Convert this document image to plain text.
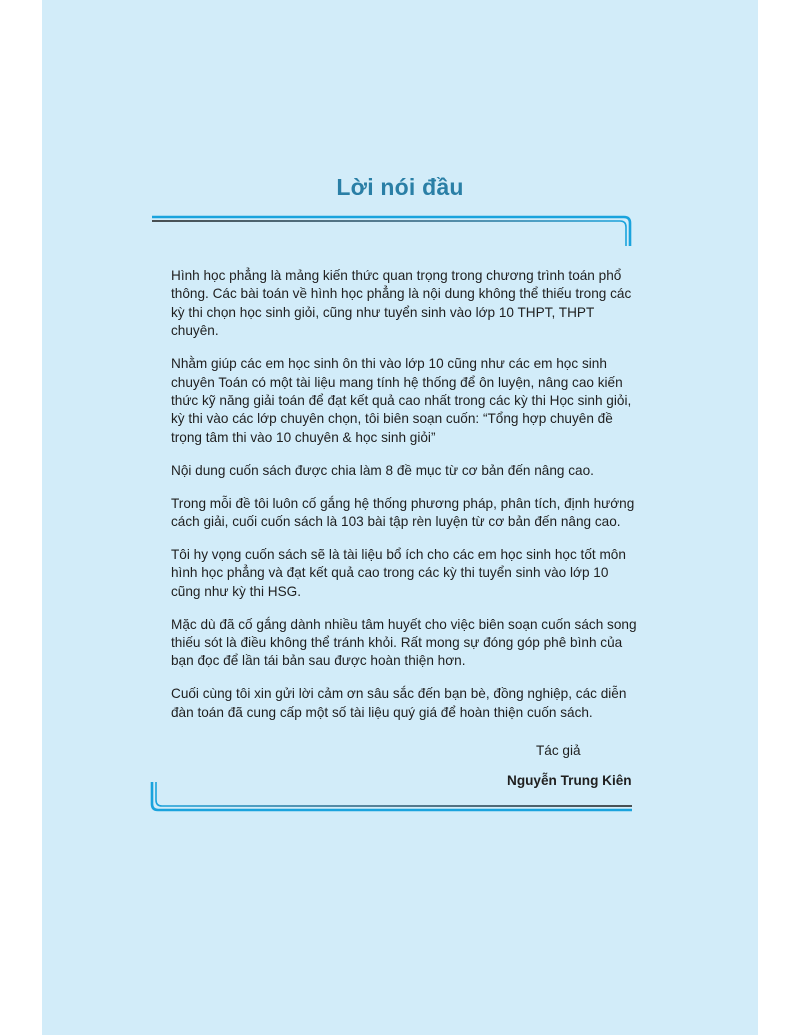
Lời nói đầu

Hình học phẳng là mảng kiến thức quan trọng trong chương trình toán phổ thông. Các bài toán về hình học phẳng là nội dung không thể thiếu trong các kỳ thi chọn học sinh giỏi, cũng như tuyển sinh vào lớp 10 THPT, THPT chuyên.

Nhằm giúp các em học sinh ôn thi vào lớp 10 cũng như các em học sinh chuyên Toán có một tài liệu mang tính hệ thống để ôn luyện, nâng cao kiến thức kỹ năng giải toán để đạt kết quả cao nhất trong các kỳ thi Học sinh giỏi, kỳ thi vào các lớp chuyên chọn, tôi biên soạn cuốn: “Tổng hợp chuyên đề trọng tâm thi vào 10 chuyên & học sinh giỏi”

Nội dung cuốn sách được chia làm 8 đề mục từ cơ bản đến nâng cao.

Trong mỗi đề tôi luôn cố gắng hệ thống phương pháp, phân tích, định hướng cách giải, cuối cuốn sách là 103 bài tập rèn luyện từ cơ bản đến nâng cao.

Tôi hy vọng cuốn sách sẽ là tài liệu bổ ích cho các em học sinh học tốt môn hình học phẳng và đạt kết quả cao trong các kỳ thi tuyển sinh vào lớp 10 cũng như kỳ thi HSG.

Mặc dù đã cố gắng dành nhiều tâm huyết cho việc biên soạn cuốn sách song thiếu sót là điều không thể tránh khỏi. Rất mong sự đóng góp phê bình của bạn đọc để lần tái bản sau được hoàn thiện hơn.

Cuối cùng tôi xin gửi lời cảm ơn sâu sắc đến bạn bè, đồng nghiệp, các diễn đàn toán đã cung cấp một số tài liệu quý giá để hoàn thiện cuốn sách.

Tác giả
Nguyễn Trung Kiên
